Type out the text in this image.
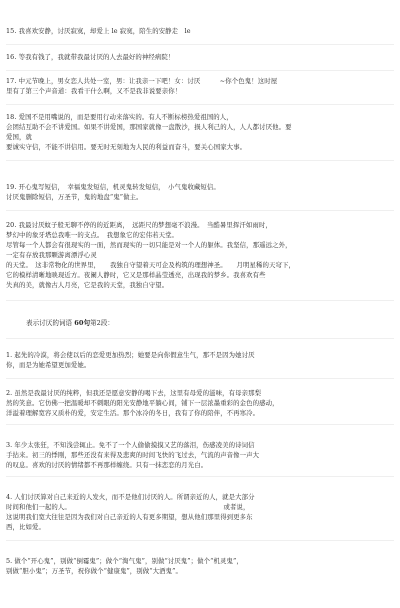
15. 我喜欢安静，讨厌寂寞，却爱上 le 寂寞，陪生的安静走　le

16. 等我有钱了，我就带我最讨厌的人去最好的神经病院！

17. 中元节晚上，男女恋人共处一室，男：让我亲一下吧！女：讨厌　　　~你个色鬼！这时屋

里有了第三个声音道：我看干什么啊，又不是我非说要亲你！

18. 爱国不是用嘴说的，而是要用行动来落实的。有人不断标榜热爱祖国的人，

会团结互助不会不讲爱国。如果不讲爱国，那国家就像一盘散沙，损人利己的人，人人都讨厌他。要

爱国，就

要诚实守信，不能不讲信用。要无时无刻地为人民的利益而奋斗，要关心国家大事。

19. 开心鬼写短信，　幸福鬼发短信，机灵鬼转发短信，　小气鬼收藏短信。

讨厌鬼删除短信，万圣节，鬼的地盘“鬼”做主。

20. 我最讨厌蚊子般无聊不停的的近距离，　远距尺的梦想毫不浪漫。　当酷暑里挥汗如雨时，

梦幻中的象牙塔总我唯一的支点。　我想象它的宏伟若天堂。

尽管每一个人都会有很现实的一面，然而现实的一切只能是对一个人的躯体。我坚信，那遥远之外，

一定有存放我那颗游离漂浮心灵

的天堂。　这非常物化的世界里，　　我独自守望着天可企及构筑的理想神圣。　　月明星稀的天穹下，

它的模样清晰地映现近方。夜阑人静时，它又是那样晶莹透亮，出现我的梦乡。我喜欢有些

失真的美，就像古人月亮，它是我的天堂，我独自守望。

表示讨厌的词语 60句第2段：

1. 起先的冷漠，将会使以后的恋爱更加热烈；她要是向你假意生气，那不是因为她讨厌

你，而是为她希望更加爱她。

2. 虽然是我最讨厌的纯粹，但我还是愿意安静的喝下去，这里有母爱的滋味，有母亲那梨

然的笑意。它仿佛一把温暖却不刺眼的阳光安静地平躺心间，铺下一层浓墨重彩的金色的感动，

洋溢着理解宽容又质朴的爱，安定生活。那个冰冷的冬日，我有了你的陪伴，不再寒冷。

3. 年少太张狂，不知浅尝辄止。免不了一个人偷偷摸摸又艺的落泪，伤感凌美的诗词信

手拈来。初三的悸刚，那些还没有来得及悲爽的时间飞快的飞过去，气流的声音像一声大

的叹息。喜欢的讨厌的情绪都不再那样缠绕。只有一抹恋恋的月光白。

4. 人们讨厌算对自己来近的人发火，而不是他们讨厌的人。所谓亲近的人，就是大部分

时间和他们一起的人。　　　　　　　　　　　　　　　　　　　　　　　　或者说，

这说明我们宽大往往是因为我们对自己亲近的人有更多期望，想从他们那里得到更多东

西，比如爱。

5. 做个“开心鬼”，别做“倒霉鬼”；做个“淘气鬼”，别做“讨厌鬼”；做个“机灵鬼”，

别做“胆小鬼”；万圣节，祝你做个“健康鬼”，别做“大酒鬼”。
